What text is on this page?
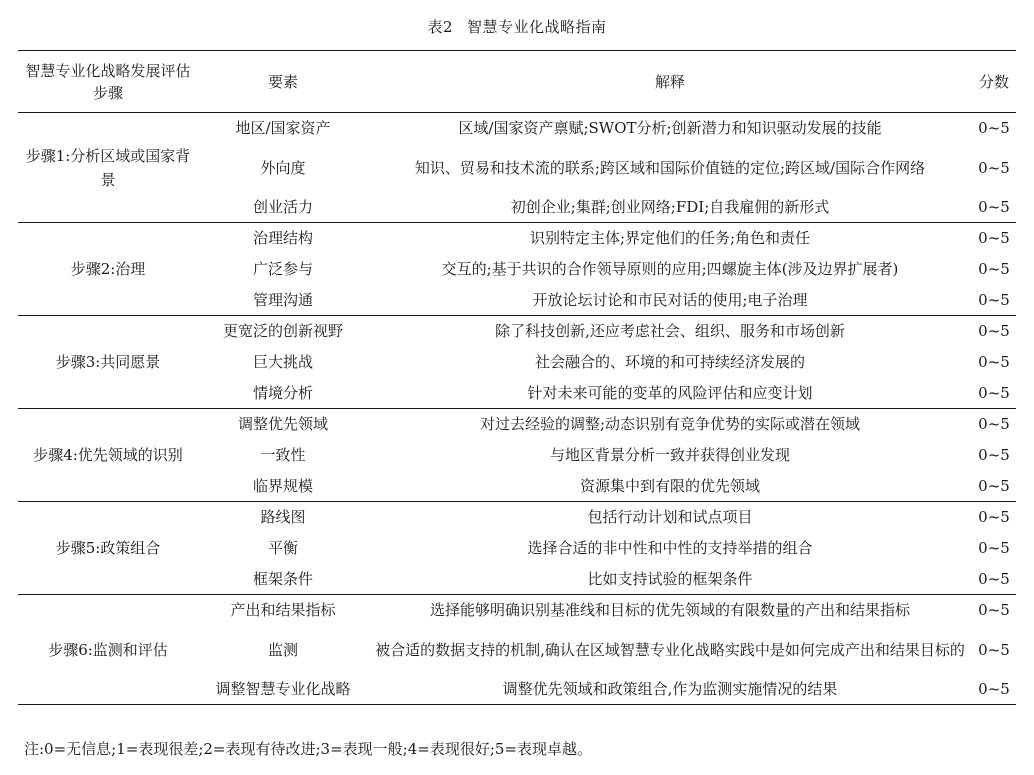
表2 智慧专业化战略指南
智慧专业化战略发展评估步骤	要素	解释	分数
步骤1:分析区域或国家背景	地区/国家资产	区域/国家资产禀赋;SWOT分析;创新潜力和知识驱动发展的技能	0~5
	外向度	知识、贸易和技术流的联系;跨区域和国际价值链的定位;跨区域/国际合作网络	0~5
	创业活力	初创企业;集群;创业网络;FDI;自我雇佣的新形式	0~5
步骤2:治理	治理结构	识别特定主体;界定他们的任务;角色和责任	0~5
	广泛参与	交互的;基于共识的合作领导原则的应用;四螺旋主体(涉及边界扩展者)	0~5
	管理沟通	开放论坛讨论和市民对话的使用;电子治理	0~5
步骤3:共同愿景	更宽泛的创新视野	除了科技创新,还应考虑社会、组织、服务和市场创新	0~5
	巨大挑战	社会融合的、环境的和可持续经济发展的	0~5
	情境分析	针对未来可能的变革的风险评估和应变计划	0~5
步骤4:优先领域的识别	调整优先领域	对过去经验的调整;动态识别有竞争优势的实际或潜在领域	0~5
	一致性	与地区背景分析一致并获得创业发现	0~5
	临界规模	资源集中到有限的优先领域	0~5
步骤5:政策组合	路线图	包括行动计划和试点项目	0~5
	平衡	选择合适的非中性和中性的支持举措的组合	0~5
	框架条件	比如支持试验的框架条件	0~5
步骤6:监测和评估	产出和结果指标	选择能够明确识别基准线和目标的优先领域的有限数量的产出和结果指标	0~5
	监测	被合适的数据支持的机制,确认在区域智慧专业化战略实践中是如何完成产出和结果目标的	0~5
	调整智慧专业化战略	调整优先领域和政策组合,作为监测实施情况的结果	0~5
注:0=无信息;1=表现很差;2=表现有待改进;3=表现一般;4=表现很好;5=表现卓越。
